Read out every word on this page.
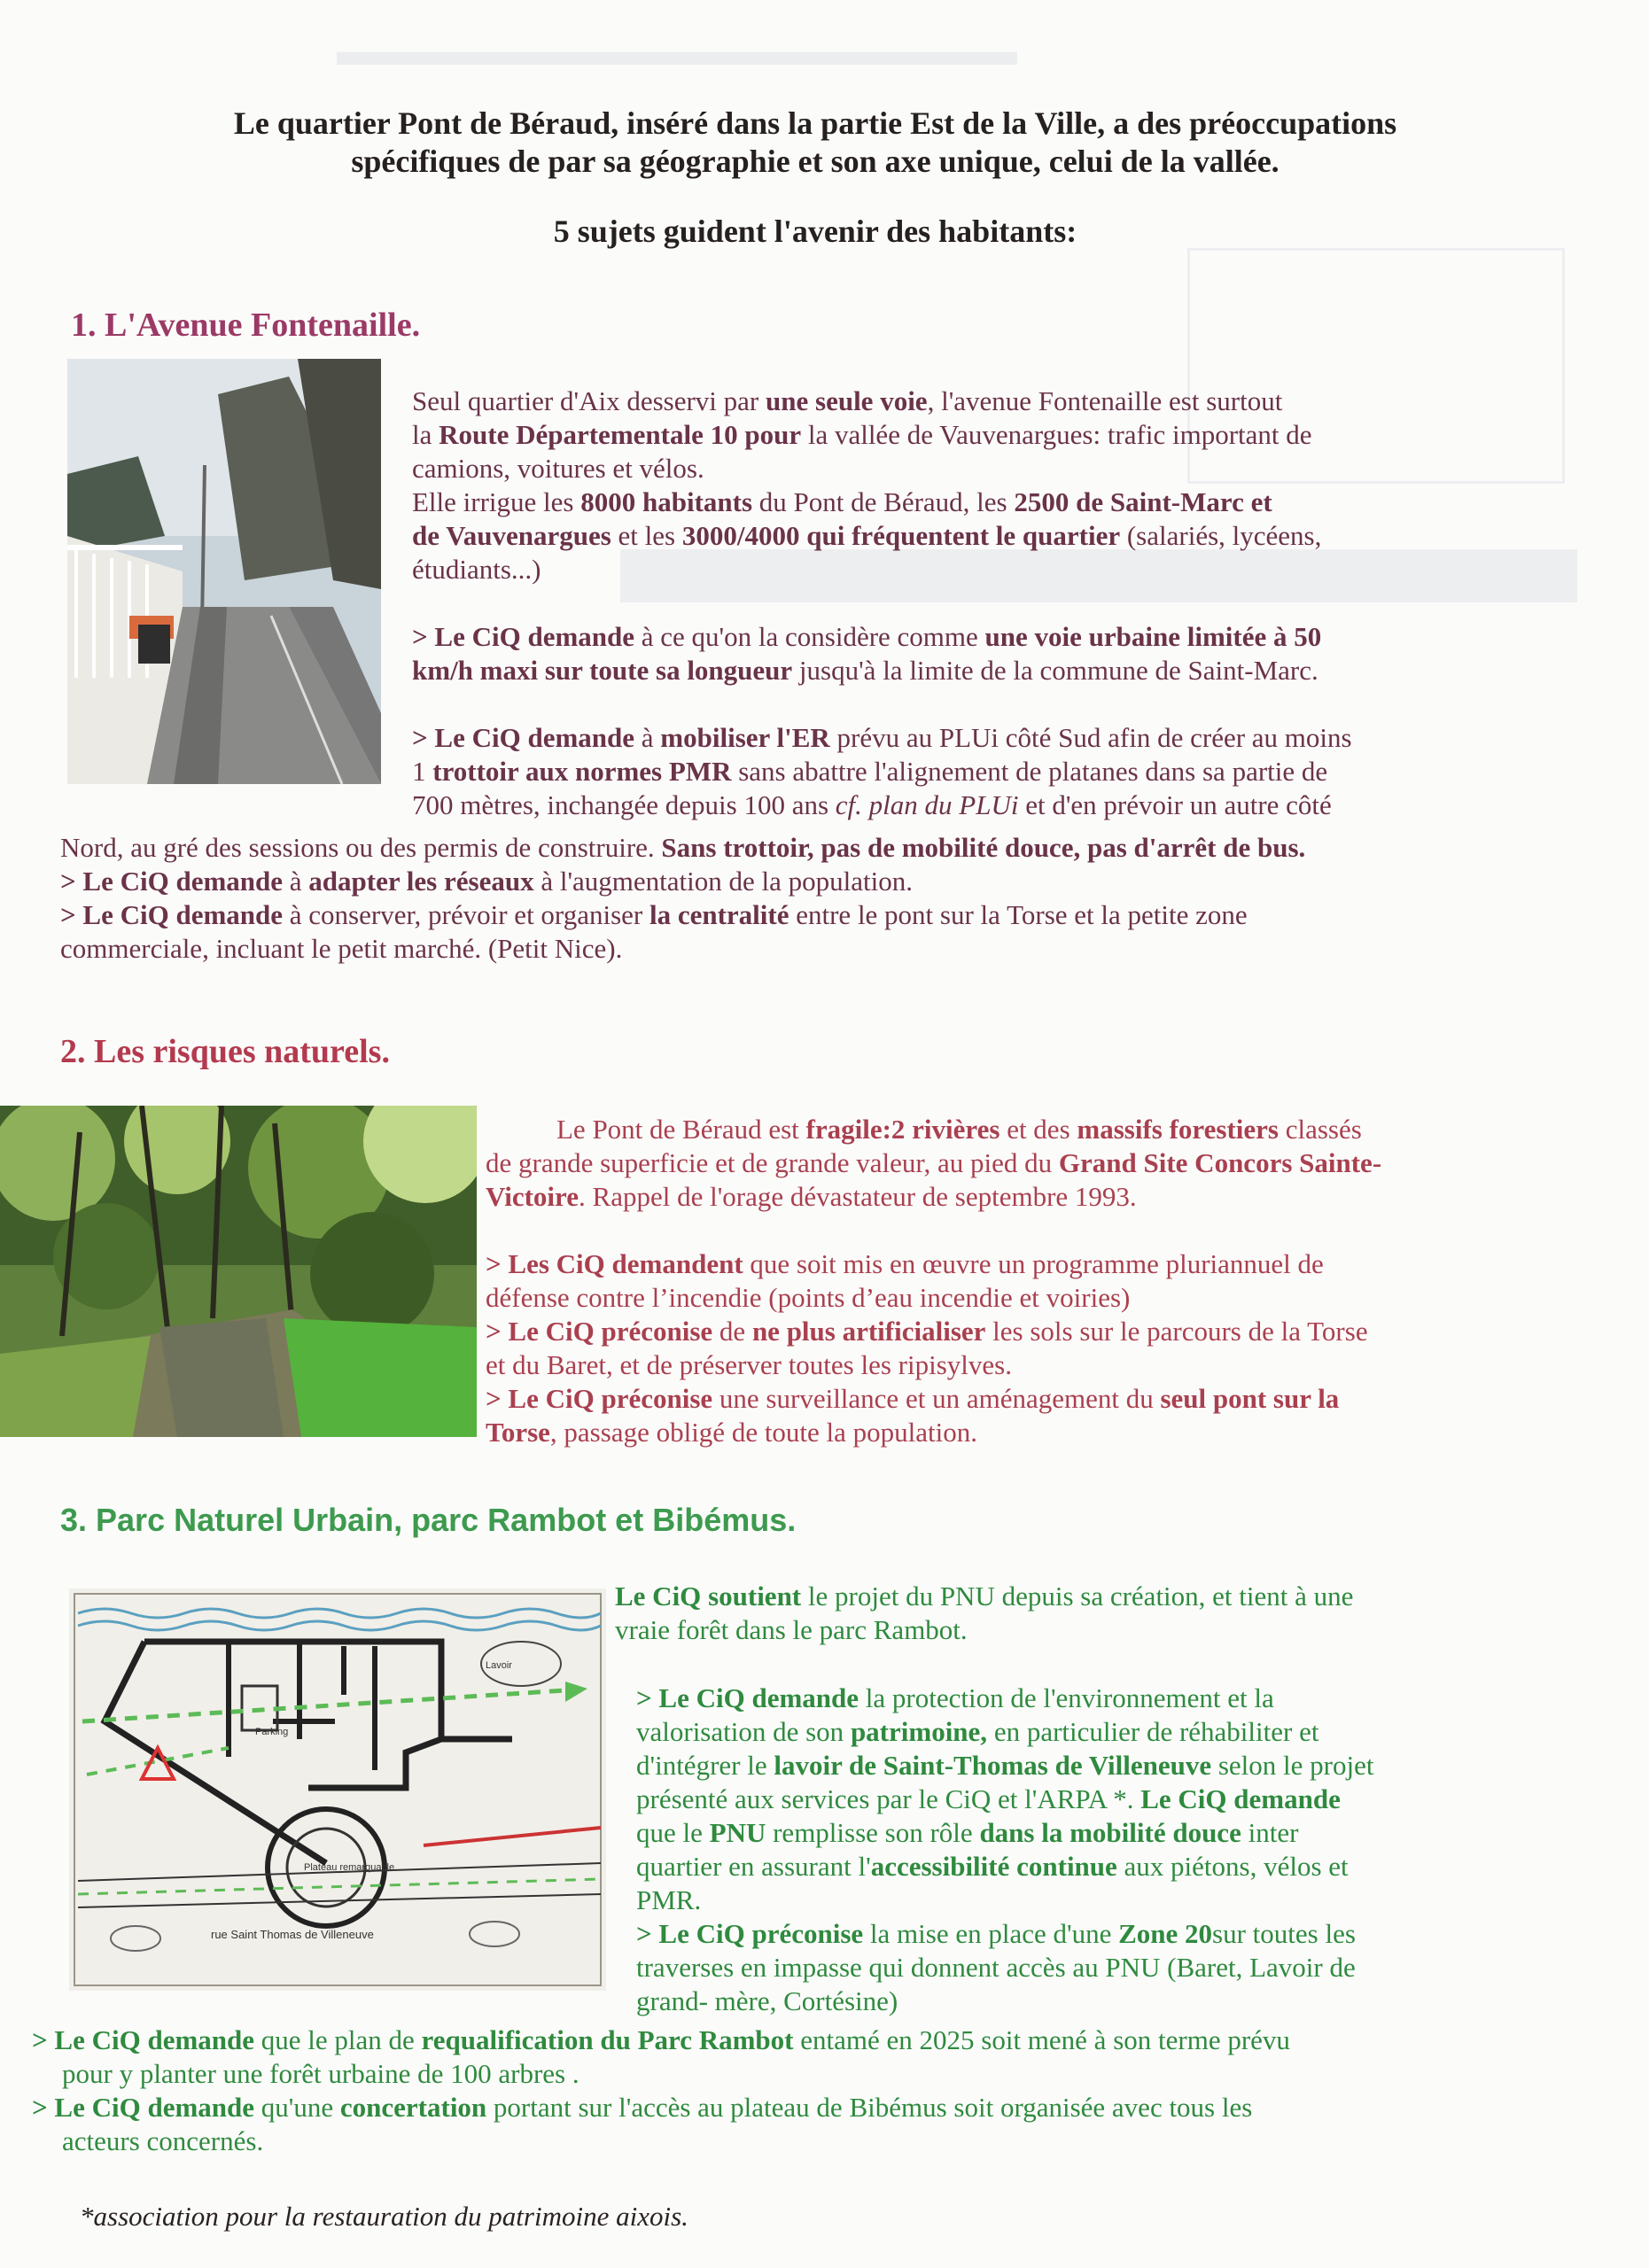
▬▬▬▬▬▬▬▬▬▬▬▬▬▬▬▬
Le quartier Pont de Béraud, inséré dans la partie Est de la Ville, a des préoccupations
spécifiques de par sa géographie et son axe unique, celui de la vallée.
5 sujets guident l'avenir des habitants:
1. L'Avenue Fontenaille.

Seul quartier d'Aix desservi par une seule voie, l'avenue Fontenaille est surtout

la Route Départementale 10 pour la vallée de Vauvenargues: trafic important de

camions, voitures et vélos.

Elle irrigue les 8000 habitants du Pont de Béraud, les 2500 de Saint-Marc et

de Vauvenargues et les 3000/4000 qui fréquentent le quartier (salariés, lycéens,

étudiants...)

> Le CiQ demande à ce qu'on la considère comme une voie urbaine limitée à 50

km/h maxi sur toute sa longueur jusqu'à la limite de la commune de Saint-Marc.

> Le CiQ demande à mobiliser l'ER prévu au PLUi côté Sud afin de créer au moins

1 trottoir aux normes PMR sans abattre l'alignement de platanes dans sa partie de

700 mètres, inchangée depuis 100 ans cf. plan du PLUi et d'en prévoir un autre côté

Nord, au gré des sessions ou des permis de construire. Sans trottoir, pas de mobilité douce, pas d'arrêt de bus.

> Le CiQ demande à adapter les réseaux à l'augmentation de la population.

> Le CiQ demande à conserver, prévoir et organiser la centralité entre le pont sur la Torse et la petite zone

commerciale, incluant le petit marché. (Petit Nice).

2. Les risques naturels.

Le Pont de Béraud est fragile:2 rivières et des massifs forestiers classés

de grande superficie et de grande valeur, au pied du Grand Site Concors Sainte-

Victoire. Rappel de l'orage dévastateur de septembre 1993.

> Les CiQ demandent que soit mis en œuvre un programme pluriannuel de

défense contre l’incendie (points d’eau incendie et voiries)

> Le CiQ préconise de ne plus artificialiser les sols sur le parcours de la Torse

et du Baret, et de préserver toutes les ripisylves.

> Le CiQ préconise une surveillance et un aménagement du seul pont sur la

Torse, passage obligé de toute la population.

3. Parc Naturel Urbain, parc Rambot et Bibémus.
Parking
Plateau remarquable
Lavoir
rue Saint Thomas de Villeneuve

Le CiQ soutient le projet du PNU depuis sa création, et tient à une

vraie forêt dans le parc Rambot.

> Le CiQ demande la protection de l'environnement et la

valorisation de son patrimoine, en particulier de réhabiliter et

d'intégrer le lavoir de Saint-Thomas de Villeneuve selon le projet

présenté aux services par le CiQ et l'ARPA *. Le CiQ demande

que le PNU remplisse son rôle dans la mobilité douce inter

quartier en assurant l'accessibilité continue aux piétons, vélos et

PMR.

> Le CiQ préconise la mise en place d'une Zone 20sur toutes les

traverses en impasse qui donnent accès au PNU (Baret, Lavoir de

grand- mère, Cortésine)

> Le CiQ demande que le plan de requalification du Parc Rambot entamé en 2025 soit mené à son terme prévu

pour y planter une forêt urbaine de 100 arbres .

> Le CiQ demande qu'une concertation portant sur l'accès au plateau de Bibémus soit organisée avec tous les

acteurs concernés.

*association pour la restauration du patrimoine aixois.
